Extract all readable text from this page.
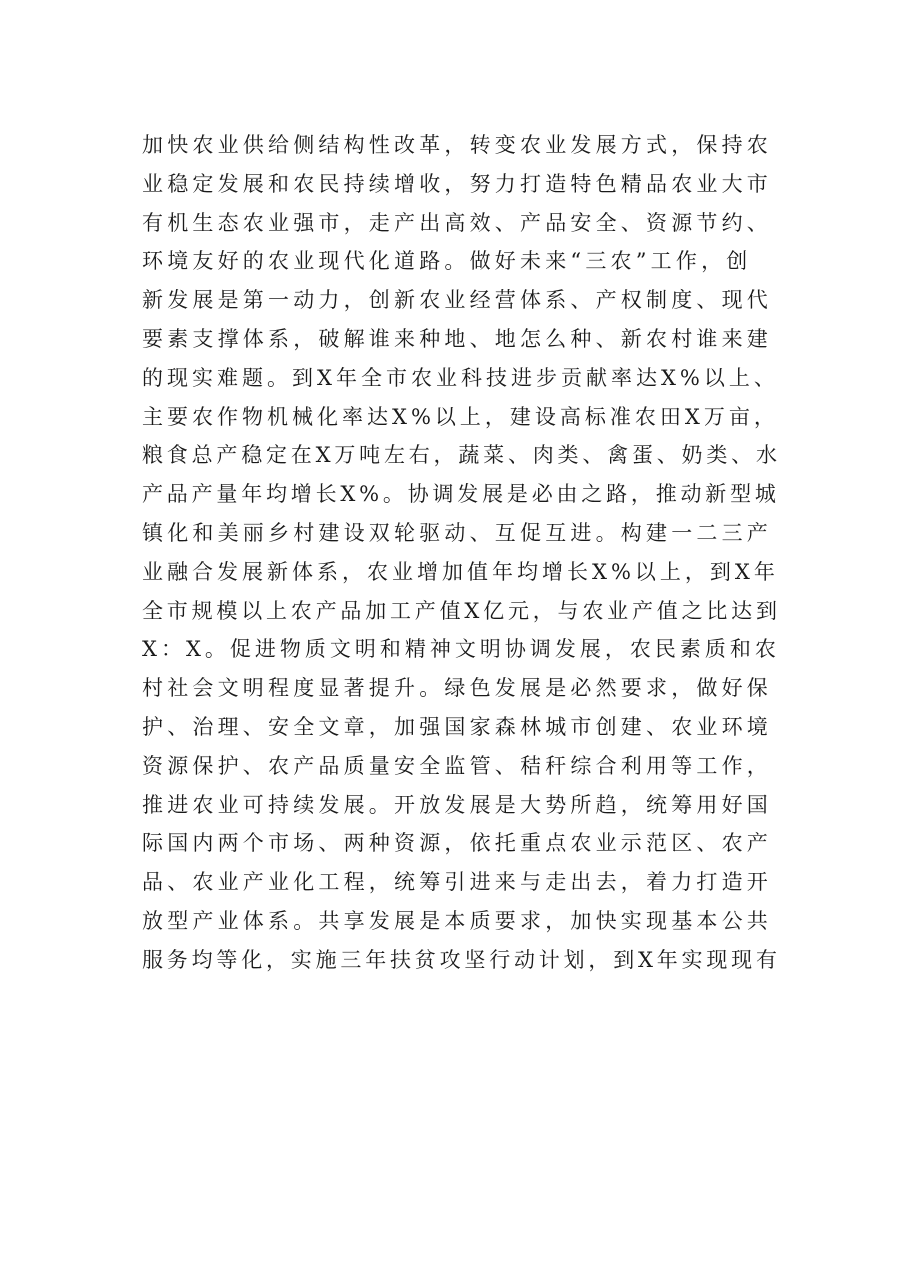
加快农业供给侧结构性改革，转变农业发展方式，保持农
业稳定发展和农民持续增收，努力打造特色精品农业大市
有机生态农业强市，走产出高效、产品安全、资源节约、
环境友好的农业现代化道路。做好未来“三农”工作，创
新发展是第一动力，创新农业经营体系、产权制度、现代
要素支撑体系，破解谁来种地、地怎么种、新农村谁来建
的现实难题。到X年全市农业科技进步贡献率达X%以上、
主要农作物机械化率达X%以上，建设高标准农田X万亩，
粮食总产稳定在X万吨左右，蔬菜、肉类、禽蛋、奶类、水
产品产量年均增长X%。协调发展是必由之路，推动新型城
镇化和美丽乡村建设双轮驱动、互促互进。构建一二三产
业融合发展新体系，农业增加值年均增长X%以上，到X年
全市规模以上农产品加工产值X亿元，与农业产值之比达到
X：X。促进物质文明和精神文明协调发展，农民素质和农
村社会文明程度显著提升。绿色发展是必然要求，做好保
护、治理、安全文章，加强国家森林城市创建、农业环境
资源保护、农产品质量安全监管、秸秆综合利用等工作，
推进农业可持续发展。开放发展是大势所趋，统筹用好国
际国内两个市场、两种资源，依托重点农业示范区、农产
品、农业产业化工程，统筹引进来与走出去，着力打造开
放型产业体系。共享发展是本质要求，加快实现基本公共
服务均等化，实施三年扶贫攻坚行动计划，到X年实现现有
